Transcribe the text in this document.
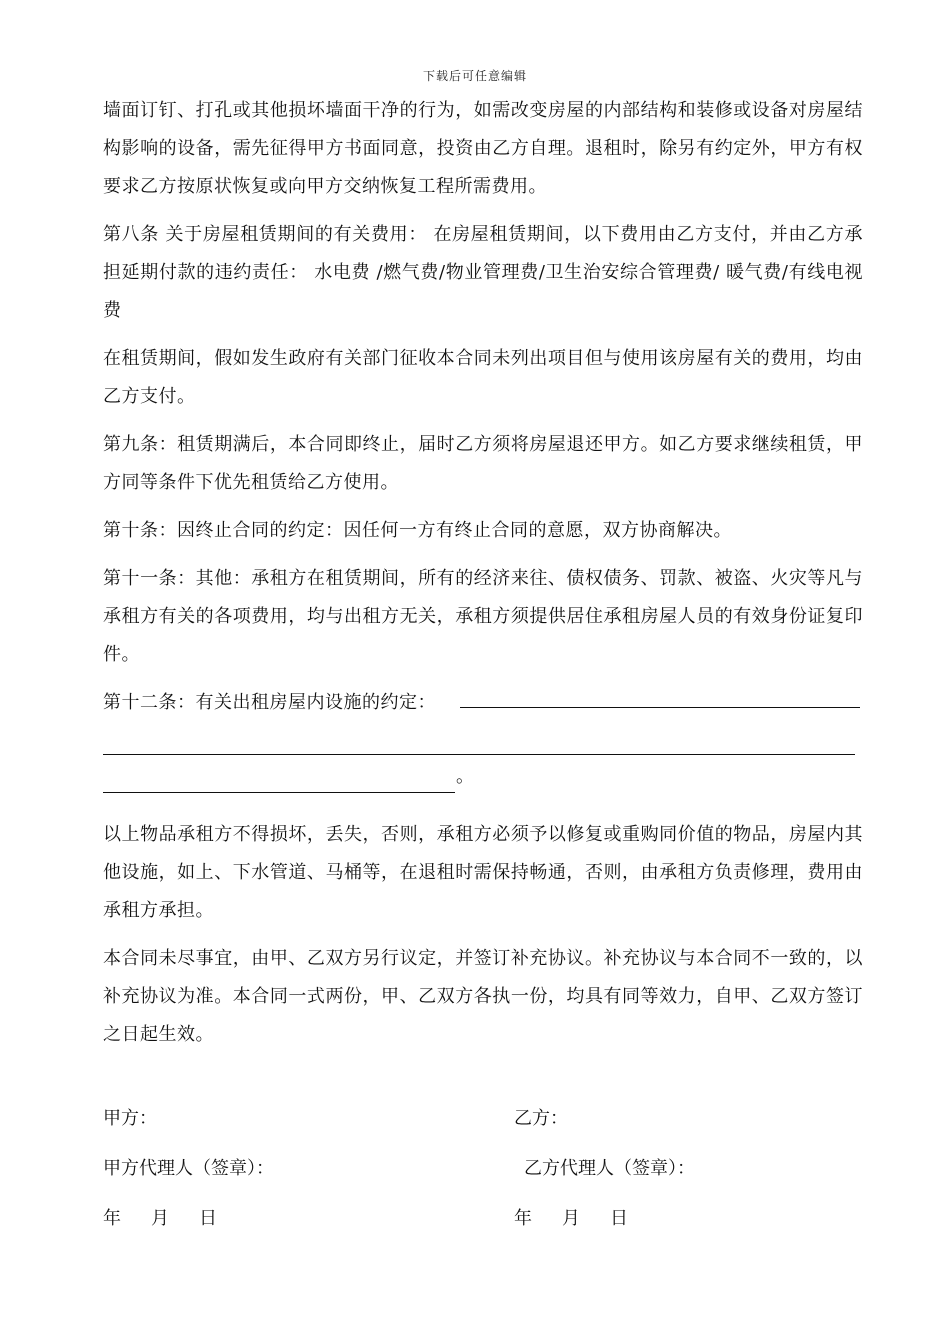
下载后可任意编辑

墙面订钉、打孔或其他损坏墙面干净的行为，如需改变房屋的内部结构和装修或设备对房屋结构影响的设备，需先征得甲方书面同意，投资由乙方自理。退租时，除另有约定外，甲方有权要求乙方按原状恢复或向甲方交纳恢复工程所需费用。

第八条 关于房屋租赁期间的有关费用： 在房屋租赁期间，以下费用由乙方支付，并由乙方承担延期付款的违约责任： 水电费 /燃气费/物业管理费/卫生治安综合管理费/ 暖气费/有线电视费

在租赁期间，假如发生政府有关部门征收本合同未列出项目但与使用该房屋有关的费用，均由乙方支付。

第九条：租赁期满后，本合同即终止，届时乙方须将房屋退还甲方。如乙方要求继续租赁，甲方同等条件下优先租赁给乙方使用。

第十条：因终止合同的约定：因任何一方有终止合同的意愿，双方协商解决。

第十一条：其他：承租方在租赁期间，所有的经济来往、债权债务、罚款、被盗、火灾等凡与承租方有关的各项费用，均与出租方无关，承租方须提供居住承租房屋人员的有效身份证复印件。

第十二条：有关出租房屋内设施的约定：
。

以上物品承租方不得损坏，丢失，否则，承租方必须予以修复或重购同价值的物品，房屋内其他设施，如上、下水管道、马桶等，在退租时需保持畅通，否则，由承租方负责修理，费用由承租方承担。

本合同未尽事宜，由甲、乙双方另行议定，并签订补充协议。补充协议与本合同不一致的，以补充协议为准。本合同一式两份，甲、乙双方各执一份，均具有同等效力，自甲、乙双方签订之日起生效。

甲方：	乙方：
甲方代理人（签章）：	乙方代理人（签章）：
年 月 日	年 月 日
